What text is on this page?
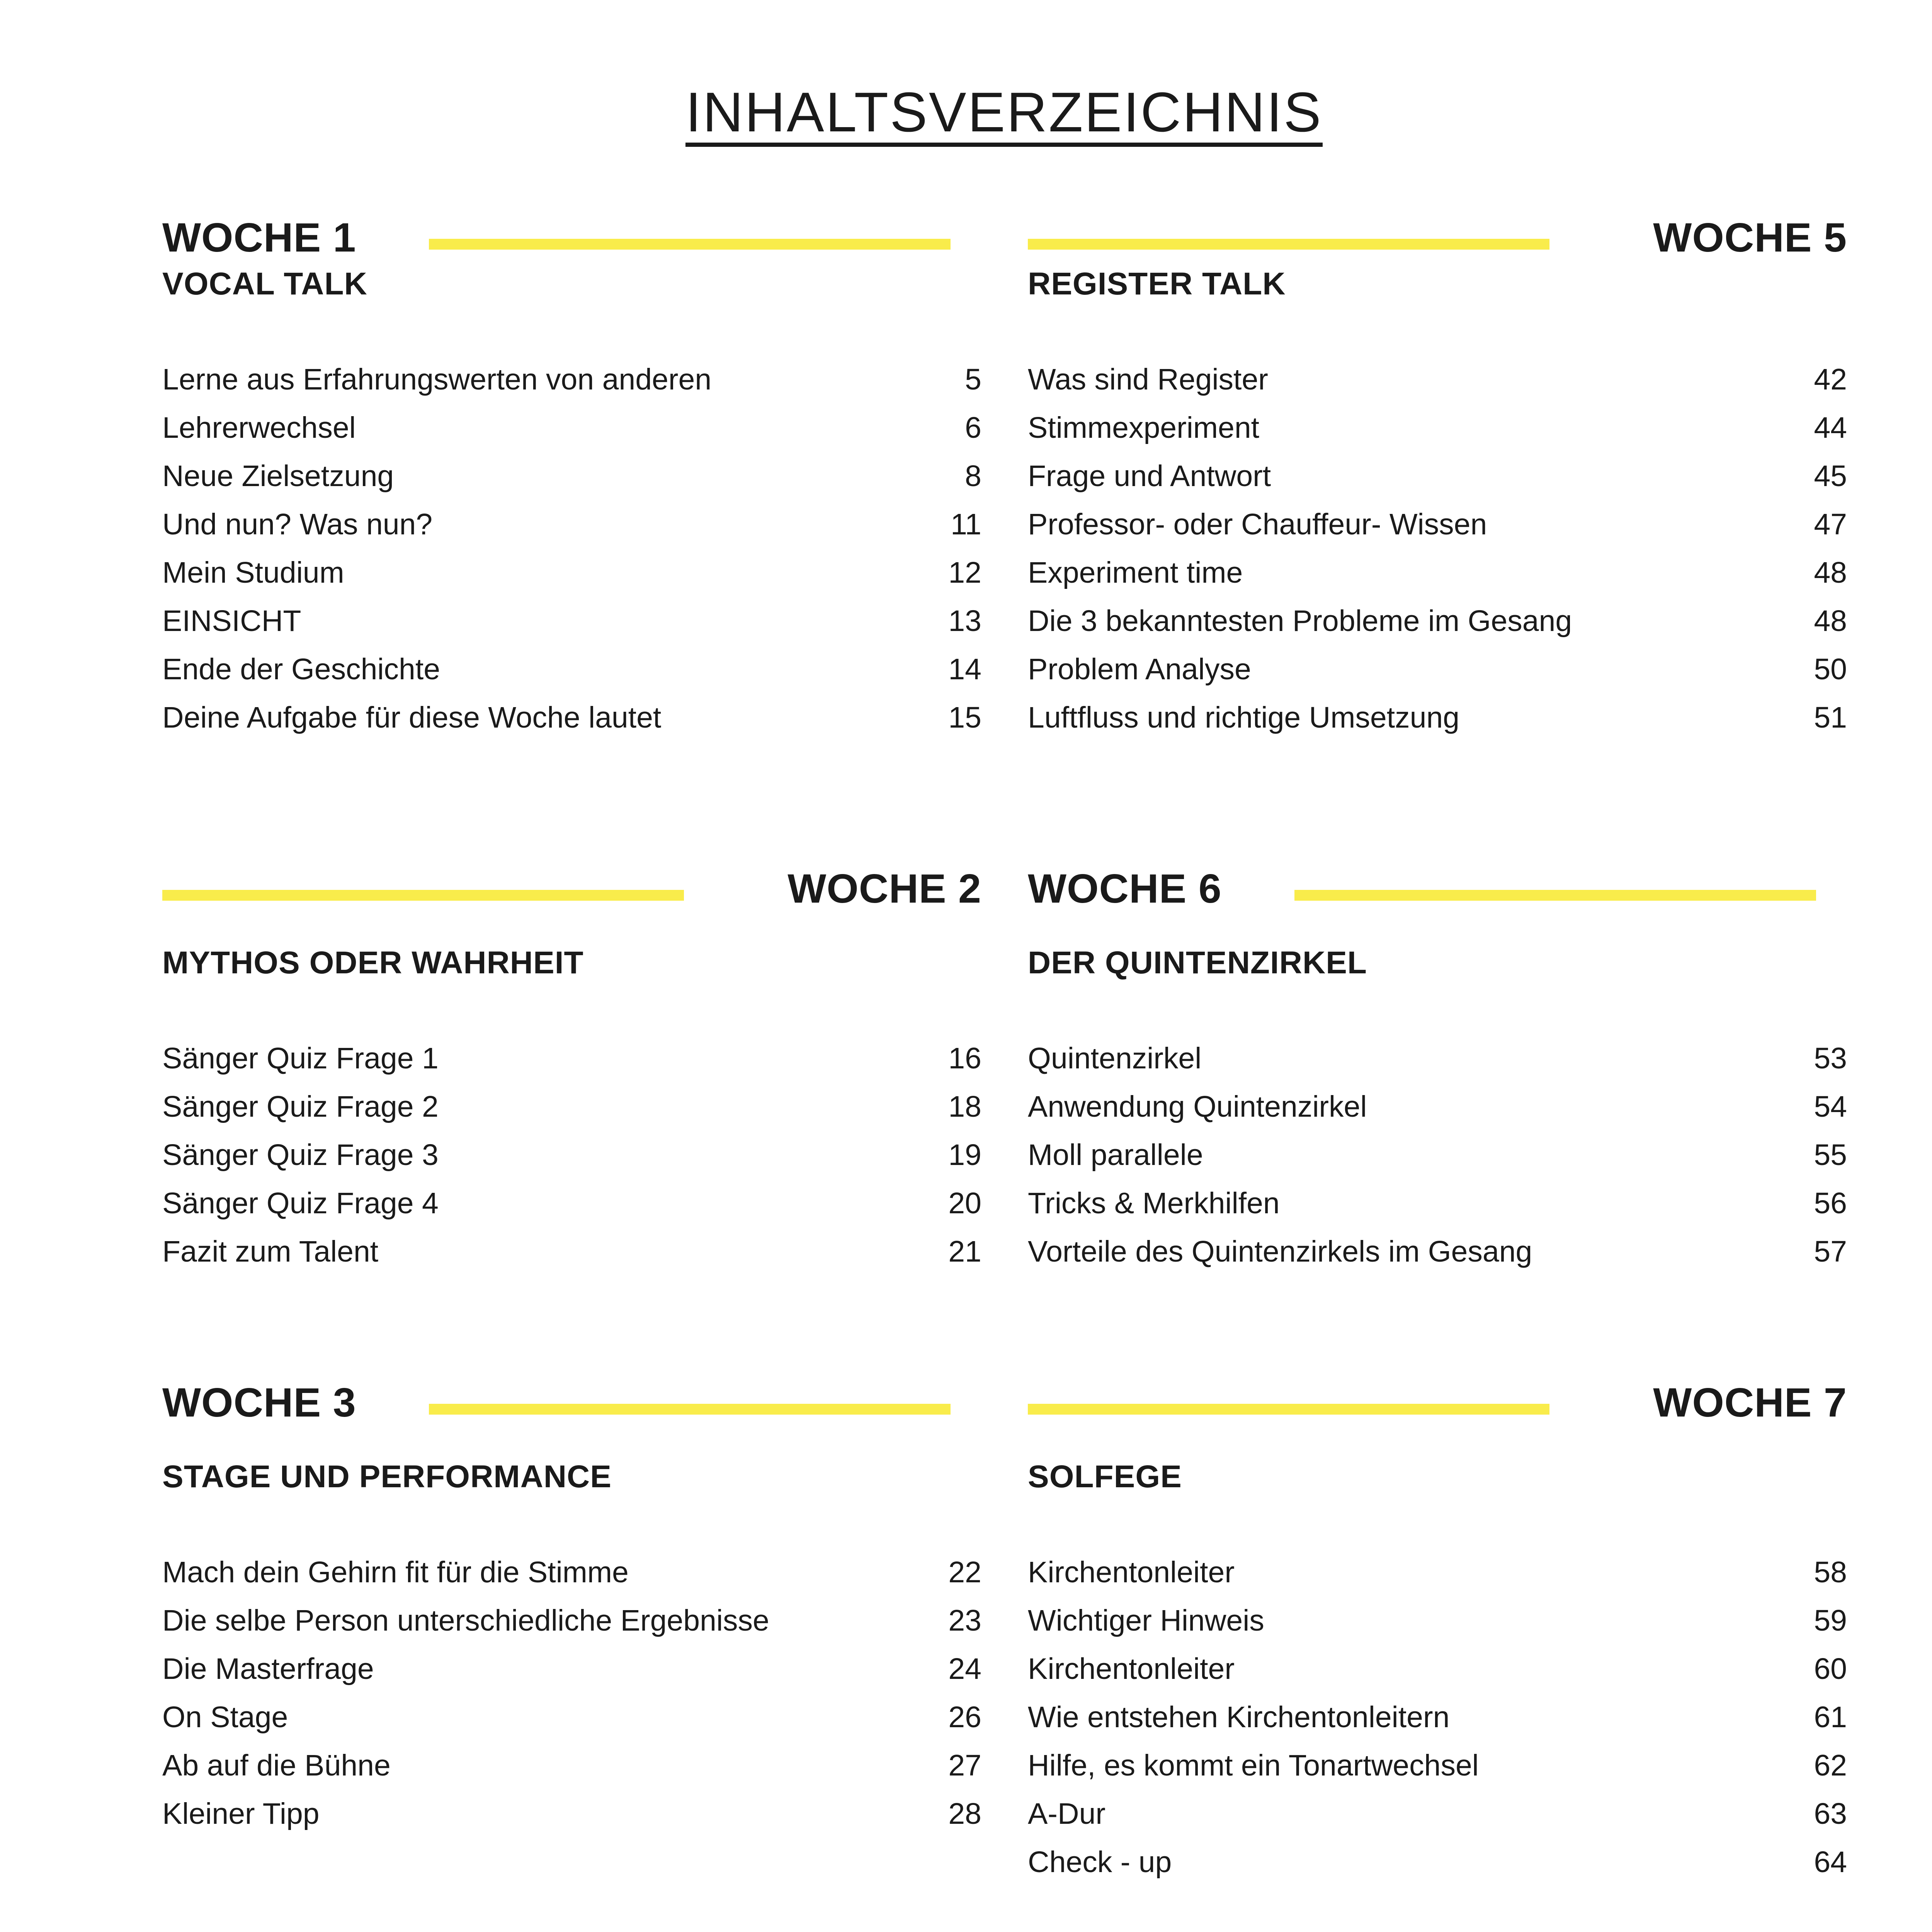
INHALTSVERZEICHNIS
WOCHE 1
VOCAL TALK
Lerne aus Erfahrungswerten von anderen	5
Lehrerwechsel	6
Neue Zielsetzung	8
Und nun? Was nun?	11
Mein Studium	12
EINSICHT	13
Ende der Geschichte	14
Deine Aufgabe für diese Woche lautet	15
WOCHE 2
MYTHOS ODER WAHRHEIT
Sänger Quiz Frage 1	16
Sänger Quiz Frage 2	18
Sänger Quiz Frage 3	19
Sänger Quiz Frage 4	20
Fazit zum Talent	21
WOCHE 3
STAGE UND PERFORMANCE
Mach dein Gehirn fit für die Stimme	22
Die selbe Person unterschiedliche Ergebnisse	23
Die Masterfrage	24
On Stage	26
Ab auf die Bühne	27
Kleiner Tipp	28
WOCHE 5
REGISTER TALK
Was sind Register	42
Stimmexperiment	44
Frage und Antwort	45
Professor- oder Chauffeur- Wissen	47
Experiment time	48
Die 3 bekanntesten Probleme im Gesang	48
Problem Analyse	50
Luftfluss und richtige Umsetzung	51
WOCHE 6
DER QUINTENZIRKEL
Quintenzirkel	53
Anwendung Quintenzirkel	54
Moll parallele	55
Tricks & Merkhilfen	56
Vorteile des Quintenzirkels im Gesang	57
WOCHE 7
SOLFEGE
Kirchentonleiter	58
Wichtiger Hinweis	59
Kirchentonleiter	60
Wie entstehen Kirchentonleitern	61
Hilfe, es kommt ein Tonartwechsel	62
A-Dur	63
Check - up	64
